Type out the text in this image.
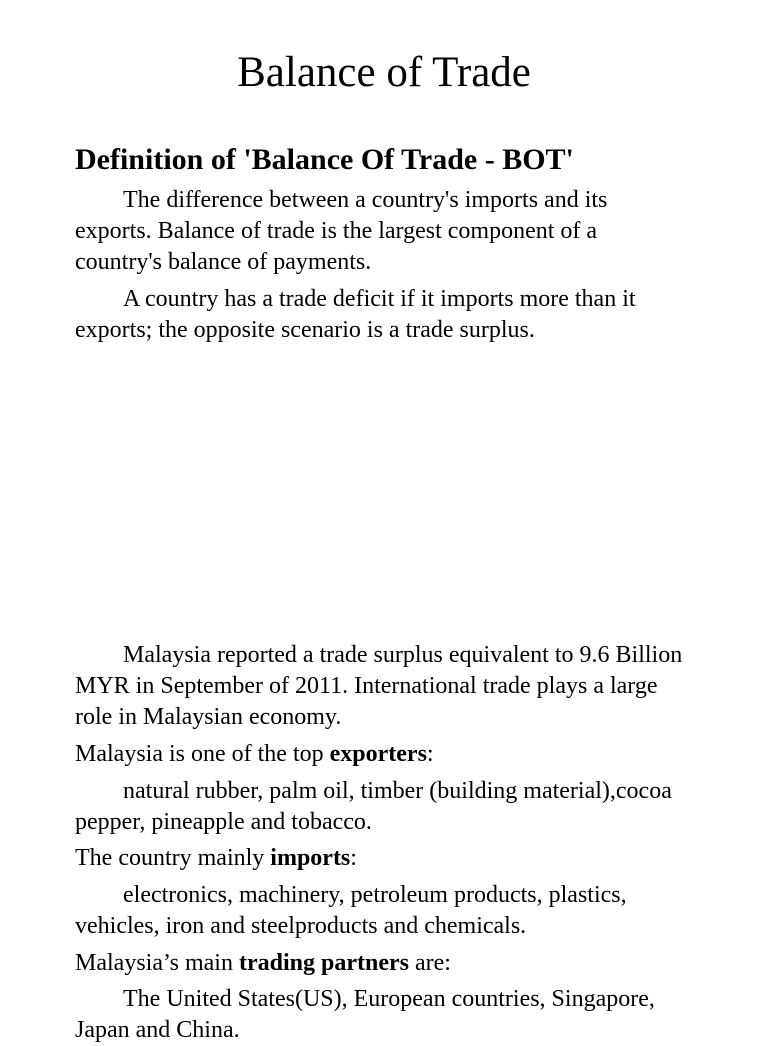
Balance of Trade
Definition of 'Balance Of Trade - BOT'

The difference between a country's imports and its

exports. Balance of trade is the largest component of a

country's balance of payments.

A country has a trade deficit if it imports more than it

exports; the opposite scenario is a trade surplus.

Malaysia reported a trade surplus equivalent to 9.6 Billion

MYR in September of 2011. International trade plays a large

role in Malaysian economy.

Malaysia is one of the top exporters:

natural rubber, palm oil, timber (building material),cocoa

pepper, pineapple and tobacco.

The country mainly imports:

electronics, machinery, petroleum products, plastics,

vehicles, iron and steelproducts and chemicals.

Malaysia’s main trading partners are:

The United States(US), European countries, Singapore,

Japan and China.
